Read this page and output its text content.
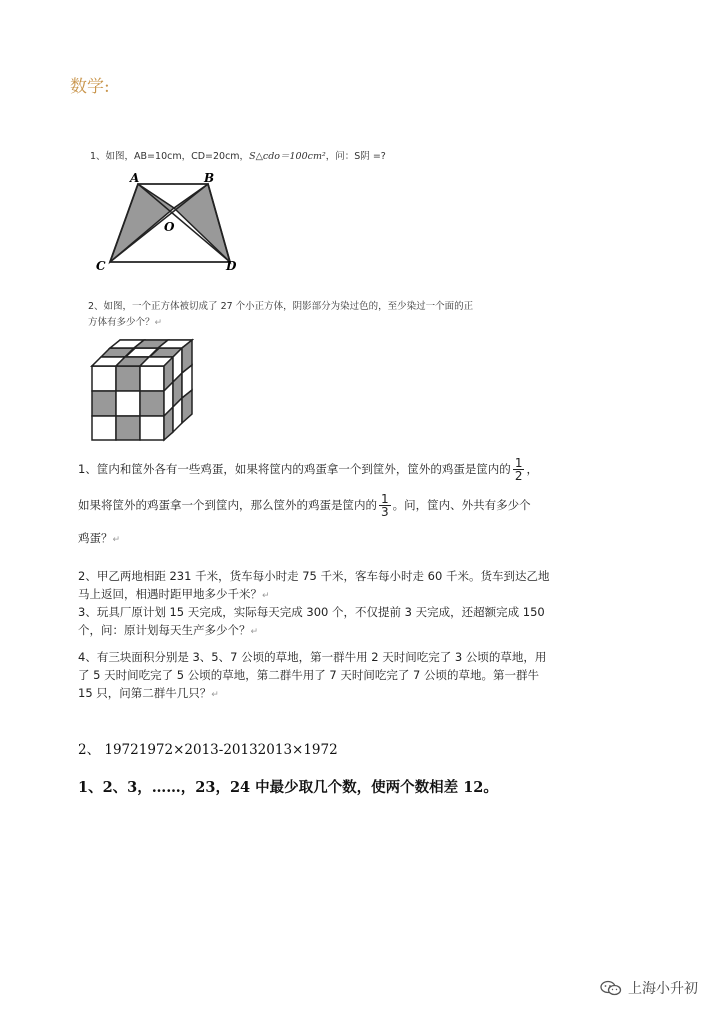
数学:
1、如图，AB=10cm，CD=20cm，S△cdo＝100cm²，问：S阴 =?
A	B
O
C	D
2、如图，一个正方体被切成了 27 个小正方体，阴影部分为染过色的，至少染过一个面的正
方体有多少个？↵
1、筐内和筐外各有一些鸡蛋，如果将筐内的鸡蛋拿一个到筐外，筐外的鸡蛋是筐内的 $\frac{1}{2}$ ，
如果将筐外的鸡蛋拿一个到筐内，那么筐外的鸡蛋是筐内的 $\frac{1}{3}$ 。问，筐内、外共有多少个
鸡蛋？↵
2、甲乙两地相距 231 千米，货车每小时走 75 千米，客车每小时走 60 千米。货车到达乙地
马上返回，相遇时距甲地多少千米？↵
3、玩具厂原计划 15 天完成，实际每天完成 300 个，不仅提前 3 天完成，还超额完成 150
个，问：原计划每天生产多少个？↵
4、有三块面积分别是 3、5、7 公顷的草地，第一群牛用 2 天时间吃完了 3 公顷的草地，用
了 5 天时间吃完了 5 公顷的草地，第二群牛用了 7 天时间吃完了 7 公顷的草地。第一群牛
15 只，问第二群牛几只？↵
2、 19721972×2013-20132013×1972
1、2、3，……，23，24 中最少取几个数，使两个数相差 12。
上海小升初
